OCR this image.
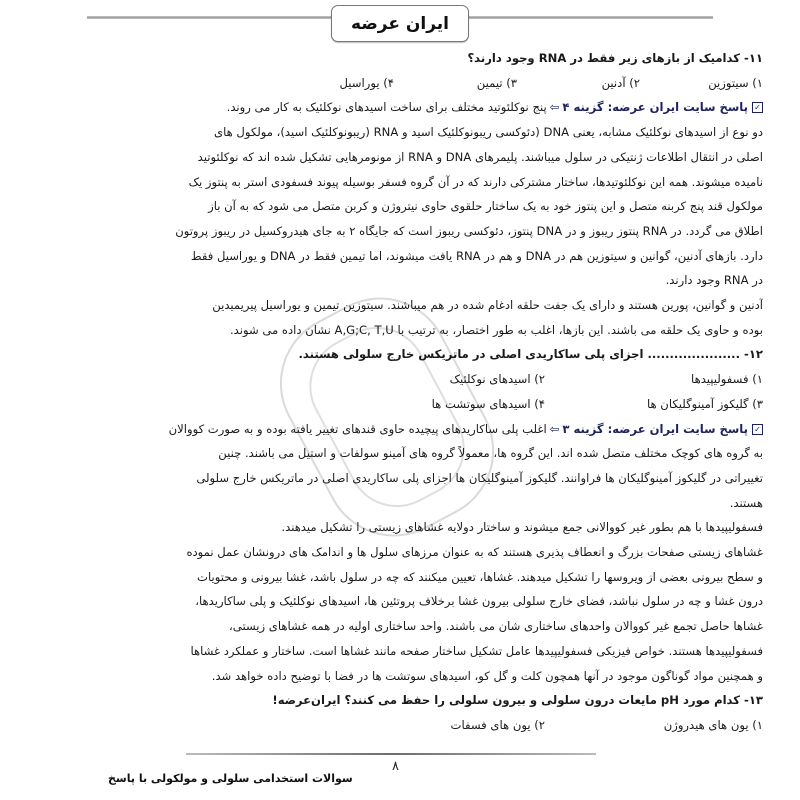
ایران عرضه
۱۱- کدامیک از بازهای زیر فقط در RNA وجود دارند؟
۱) سیتوزین
۲) آدنین
۳) تیمین
۴) یوراسیل
✓پاسخ سایت ایران عرضه: گزینه ۴⇦پنج نوکلئوتید مختلف برای ساخت اسیدهای نوکلئیک به کار می روند.
دو نوع از اسیدهای نوکلئیک مشابه، یعنی DNA (دئوکسی ریبونوکلئیک اسید و RNA (ریبونوکلئیک اسید)، مولکول های
اصلی در انتقال اطلاعات ژنتیکی در سلول میباشند. پلیمرهای DNA و RNA از مونومرهایی تشکیل شده اند که نوکلئوتید
نامیده میشوند. همه این نوکلئوتیدها، ساختار مشترکی دارند که در آن گروه فسفر بوسیله پیوند فسفودی استر به پنتوز یک
مولکول قند پنج کربنه متصل و این پنتوز خود به یک ساختار حلقوی حاوی نیتروژن و کربن متصل می شود که به آن باز
اطلاق می گردد. در RNA پنتوز ریبوز و در DNA پنتوز، دئوکسی ریبوز است که جایگاه ۲ به جای هیدروکسیل در ریبوز پروتون
دارد. بازهای آدنین، گوانین و سیتوزین هم در DNA و هم در RNA یافت میشوند، اما تیمین فقط در DNA و یوراسیل فقط
در RNA وجود دارند.
آدنین و گوانین، پورین هستند و دارای یک جفت حلقه ادغام شده در هم میباشند. سیتوزین تیمین و یوراسیل پیریمیدین
بوده و حاوی یک حلقه می باشند. این بازها، اغلب به طور اختصار، به ترتیب با A,G;C, T,U نشان داده می شوند.
۱۲- ..................... اجزای پلی ساکاریدی اصلی در ماتریکس خارج سلولی هستند.
۱) فسفولیپیدها
۲) اسیدهای نوکلئیک
۳) گلیکوز آمینوگلیکان ها
۴) اسیدهای سوتشت ها
✓پاسخ سایت ایران عرضه: گزینه ۳⇦اغلب پلی ساکاریدهای پیچیده حاوی قندهای تغییر یافته بوده و به صورت کووالان
به گروه های کوچک مختلف متصل شده اند. این گروه ها، معمولاً گروه های آمینو سولفات و استیل می باشند. چنین
تغییراتی در گلیکوز آمینوگلیکان ها فراوانند. گلیکوز آمینوگلیکان ها اجزای پلی ساکاریدی اصلی در ماتریکس خارج سلولی
هستند.
فسفولیپیدها با هم بطور غیر کووالانی جمع میشوند و ساختار دولایه غشاهای زیستی را تشکیل میدهند.
غشاهای زیستی صفحات بزرگ و انعطاف پذیری هستند که به عنوان مرزهای سلول ها و اندامک های درونشان عمل نموده
و سطح بیرونی بعضی از ویروسها را تشکیل میدهند. غشاها، تعیین میکنند که چه در سلول باشد، غشا بیرونی و محتویات
درون غشا و چه در سلول نباشد، فضای خارج سلولی بیرون غشا برخلاف پروتئین ها، اسیدهای نوکلئیک و پلی ساکاریدها،
غشاها حاصل تجمع غیر کووالان واحدهای ساختاری شان می باشند. واحد ساختاری اولیه در همه غشاهای زیستی،
فسفولیپیدها هستند. خواص فیزیکی فسفولیپیدها عامل تشکیل ساختار صفحه مانند غشاها است. ساختار و عملکرد غشاها
و همچنین مواد گوناگون موجود در آنها همچون کلت و گل کو، اسیدهای سوتشت ها در فضا با توضیح داده خواهد شد.
۱۳- کدام مورد pH مایعات درون سلولی و بیرون سلولی را حفظ می کنند؟ ایران‌عرضه!
۱) یون های هیدروژن
۲) یون های فسفات
۸
سوالات استخدامی سلولی و مولکولی با پاسخ
